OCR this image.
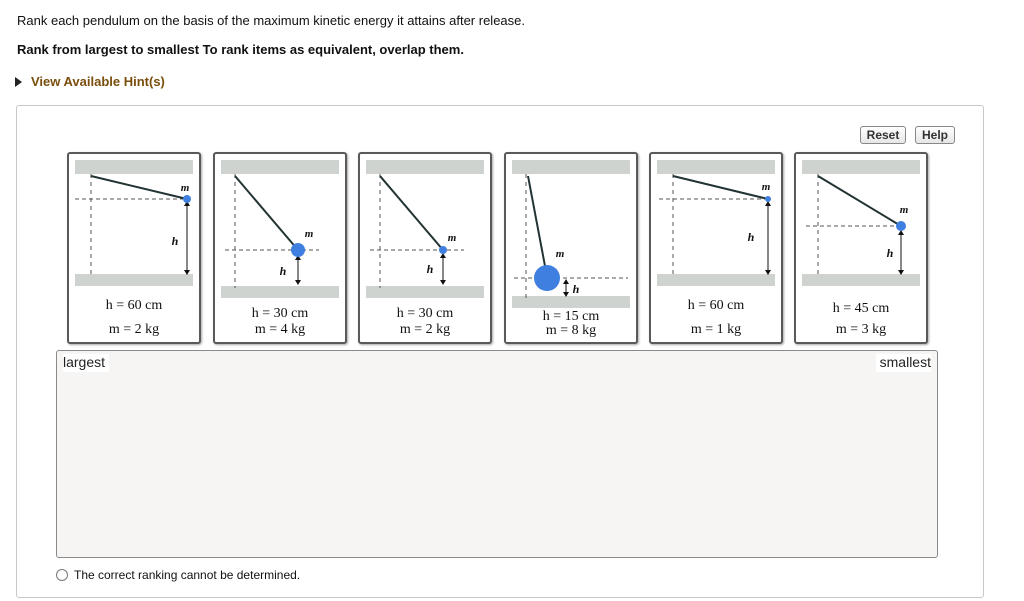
Rank each pendulum on the basis of the maximum kinetic energy it attains after release.
Rank from largest to smallest To rank items as equivalent, overlap them.
View Available Hint(s)
Reset	Help
m
h
h = 60 cm
m = 2 kg
m
h
h = 30 cm
m = 4 kg
m
h
h = 30 cm
m = 2 kg
m
h
h = 15 cm
m = 8 kg
m
h
h = 60 cm
m = 1 kg
m
h
h = 45 cm
m = 3 kg
largest	smallest
The correct ranking cannot be determined.
